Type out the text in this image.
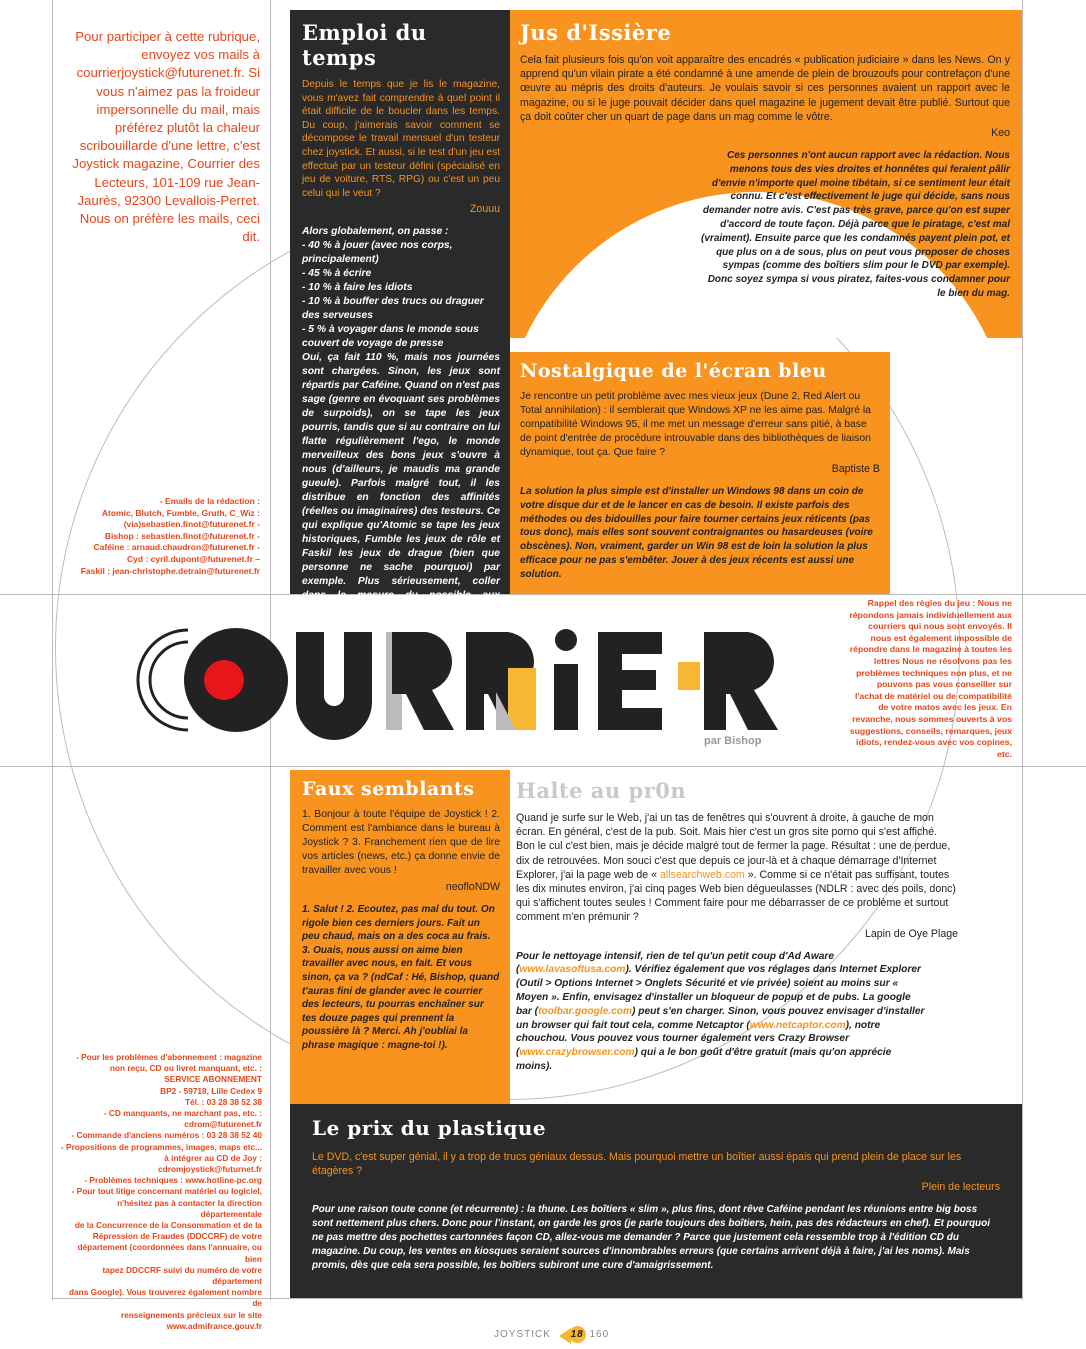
Pour participer à cette rubrique, envoyez vos mails à courrierjoystick@futurenet.fr. Si vous n'aimez pas la froideur impersonnelle du mail, mais préférez plutôt la chaleur scribouillarde d'une lettre, c'est Joystick magazine, Courrier des Lecteurs, 101-109 rue Jean-Jaurès, 92300 Levallois-Perret. Nous on préfère les mails, ceci dit.
- Emails de la rédaction :
Atomic, Blutch, Fumble, Gruth, C_Wiz :
(via)sebastien.finot@futurenet.fr -
Bishop : sebastien.finot@futurenet.fr -
Caféine : arnaud.chaudron@futurenet.fr -
Cyd : cyril.dupont@futurenet.fr –
Faskil : jean-christophe.detrain@futurenet.fr
Emploi du temps

Depuis le temps que je lis le magazine, vous m'avez fait comprendre à quel point il était difficile de le boucler dans les temps. Du coup, j'aimerais savoir comment se décompose le travail mensuel d'un testeur chez joystick. Et aussi, si le test d'un jeu est effectué par un testeur défini (spécialisé en jeu de voiture, RTS, RPG) ou c'est un peu celui qui le veut ?

Zouuu

Alors globalement, on passe :

- 40 % à jouer (avec nos corps, principalement)
- 45 % à écrire
- 10 % à faire les idiots
- 10 % à bouffer des trucs ou draguer des serveuses
- 5 % à voyager dans le monde sous couvert de voyage de presse

Oui, ça fait 110 %, mais nos journées sont chargées. Sinon, les jeux sont répartis par Caféine. Quand on n'est pas sage (genre en évoquant ses problèmes de surpoids), on se tape les jeux pourris, tandis que si au contraire on lui flatte régulièrement l'ego, le monde merveilleux des bons jeux s'ouvre à nous (d'ailleurs, je maudis ma grande gueule). Parfois malgré tout, il les distribue en fonction des affinités (réelles ou imaginaires) des testeurs. Ce qui explique qu'Atomic se tape les jeux historiques, Fumble les jeux de rôle et Faskil les jeux de drague (bien que personne ne sache pourquoi) par exemple. Plus sérieusement, coller dans la mesure du possible aux préférences des testeurs permet d'avoir des tests bien plus pointus.

Jus d'Issière

Cela fait plusieurs fois qu'on voit apparaître des encadrés « publication judiciaire » dans les News. On y apprend qu'un vilain pirate a été condamné à une amende de plein de brouzoufs pour contrefaçon d'une œuvre au mépris des droits d'auteurs. Je voulais savoir si ces personnes avaient un rapport avec le magazine, ou si le juge pouvait décider dans quel magazine le jugement devait être publié. Surtout que ça doit coûter cher un quart de page dans un mag comme le vôtre.

Keo

Ces personnes n'ont aucun rapport avec la rédaction. Nous menons tous des vies droites et honnêtes qui feraient pâlir d'envie n'importe quel moine tibétain, si ce sentiment leur était connu. Et c'est effectivement le juge qui décide, sans nous demander notre avis. C'est pas très grave, parce qu'on est super d'accord de toute façon. Déjà parce que le piratage, c'est mal (vraiment). Ensuite parce que les condamnés payent plein pot, et que plus on a de sous, plus on peut vous proposer de choses sympas (comme des boîtiers slim pour le DVD par exemple). Donc soyez sympa si vous piratez, faites-vous condamner pour le bien du mag.

Nostalgique de l'écran bleu

Je rencontre un petit problème avec mes vieux jeux (Dune 2, Red Alert ou Total annihilation) : il semblerait que Windows XP ne les aime pas. Malgré la compatibilité Windows 95, il me met un message d'erreur sans pitié, à base de point d'entrée de procédure introuvable dans des bibliothèques de liaison dynamique, tout ça. Que faire ?

Baptiste B

La solution la plus simple est d'installer un Windows 98 dans un coin de votre disque dur et de le lancer en cas de besoin. Il existe parfois des méthodes ou des bidouilles pour faire tourner certains jeux réticents (pas tous donc), mais elles sont souvent contraignantes ou hasardeuses (voire obscènes). Non, vraiment, garder un Win 98 est de loin la solution la plus efficace pour ne pas s'embêter. Jouer à des jeux récents est aussi une solution.

par Bishop
Rappel des règles du jeu : Nous ne répondons jamais individuellement aux courriers qui nous sont envoyés. Il nous est également impossible de répondre dans le magazine à toutes les lettres Nous ne résolvons pas les problèmes techniques non plus, et ne pouvons pas vous conseiller sur l'achat de matériel ou de compatibilité de votre matos avec les jeux. En revanche, nous sommes ouverts à vos suggestions, conseils, remarques, jeux idiots, rendez-vous avec vos copines, etc.
Faux semblants

1. Bonjour à toute l'équipe de Joystick ! 2. Comment est l'ambiance dans le bureau à Joystick ? 3. Franchement rien que de lire vos articles (news, etc.) ça donne envie de travailler avec vous !

neofloNDW

1. Salut ! 2. Ecoutez, pas mal du tout. On rigole bien ces derniers jours. Fait un peu chaud, mais on a des coca au frais. 3. Ouais, nous aussi on aime bien travailler avec nous, en fait. Et vous sinon, ça va ? (ndCaf : Hé, Bishop, quand t'auras fini de glander avec le courrier des lecteurs, tu pourras enchaîner sur tes douze pages qui prennent la poussière là ? Merci. Ah j'oubliai la phrase magique : magne-toi !).

Halte au pr0n

Quand je surfe sur le Web, j'ai un tas de fenêtres qui s'ouvrent à droite, à gauche de mon écran. En général, c'est de la pub. Soit. Mais hier c'est un gros site porno qui s'est affiché. Bon le cul c'est bien, mais je décide malgré tout de fermer la page. Résultat : une de perdue, dix de retrouvées. Mon souci c'est que depuis ce jour-là et à chaque démarrage d'Internet Explorer, j'ai la page web de « allsearchweb.com ». Comme si ce n'était pas suffisant, toutes les dix minutes environ, j'ai cinq pages Web bien dégueulasses (NDLR : avec des poils, donc) qui s'affichent toutes seules ! Comment faire pour me débarrasser de ce problème et surtout comment m'en prémunir ?

Lapin de Oye Plage

Pour le nettoyage intensif, rien de tel qu'un petit coup d'Ad Aware (www.lavasoftusa.com). Vérifiez également que vos réglages dans Internet Explorer (Outil > Options Internet > Onglets Sécurité et vie privée) soient au moins sur « Moyen ». Enfin, envisagez d'installer un bloqueur de popup et de pubs. La google bar (toolbar.google.com) peut s'en charger. Sinon, vous pouvez envisager d'installer un browser qui fait tout cela, comme Netcaptor (www.netcaptor.com), notre chouchou. Vous pouvez vous tourner également vers Crazy Browser (www.crazybrowser.com) qui a le bon goût d'être gratuit (mais qu'on apprécie moins).

- Pour les problèmes d'abonnement : magazine
non reçu, CD ou livret manquant, etc. :
SERVICE ABONNEMENT
BP2 - 59718, Lille Cedex 9
Tél. : 03 28 38 52 38
- CD manquants, ne marchant pas, etc. :
cdrom@futurenet.fr
- Commande d'anciens numéros : 03 28 38 52 40
- Propositions de programmes, images, maps etc...
à intégrer au CD de Joy : cdromjoystick@futurnet.fr
- Problèmes techniques : www.hotline-pc.org
- Pour tout litige concernant matériel ou logiciel,
n'hésitez pas à contacter la direction départementale
de la Concurrence de la Consommation et de la
Répression de Fraudes (DDCCRF) de votre
département (coordonnées dans l'annuaire, ou bien
tapez DDCCRF suivi du numéro de votre département
dans Google). Vous trouverez également nombre de
renseignements précieux sur le site
www.admifrance.gouv.fr
Le prix du plastique

Le DVD, c'est super génial, il y a trop de trucs géniaux dessus. Mais pourquoi mettre un boîtier aussi épais qui prend plein de place sur les étagères ?

Plein de lecteurs

Pour une raison toute conne (et récurrente) : la thune. Les boîtiers « slim », plus fins, dont rêve Caféine pendant les réunions entre big boss sont nettement plus chers. Donc pour l'instant, on garde les gros (je parle toujours des boîtiers, hein, pas des rédacteurs en chef). Et pourquoi ne pas mettre des pochettes cartonnées façon CD, allez-vous me demander ? Parce que justement cela ressemble trop à l'édition CD du magazine. Du coup, les ventes en kiosques seraient sources d'innombrables erreurs (que certains arrivent déjà à faire, j'ai les noms). Mais promis, dès que cela sera possible, les boîtiers subiront une cure d'amaigrissement.

JOYSTICK 18 160
